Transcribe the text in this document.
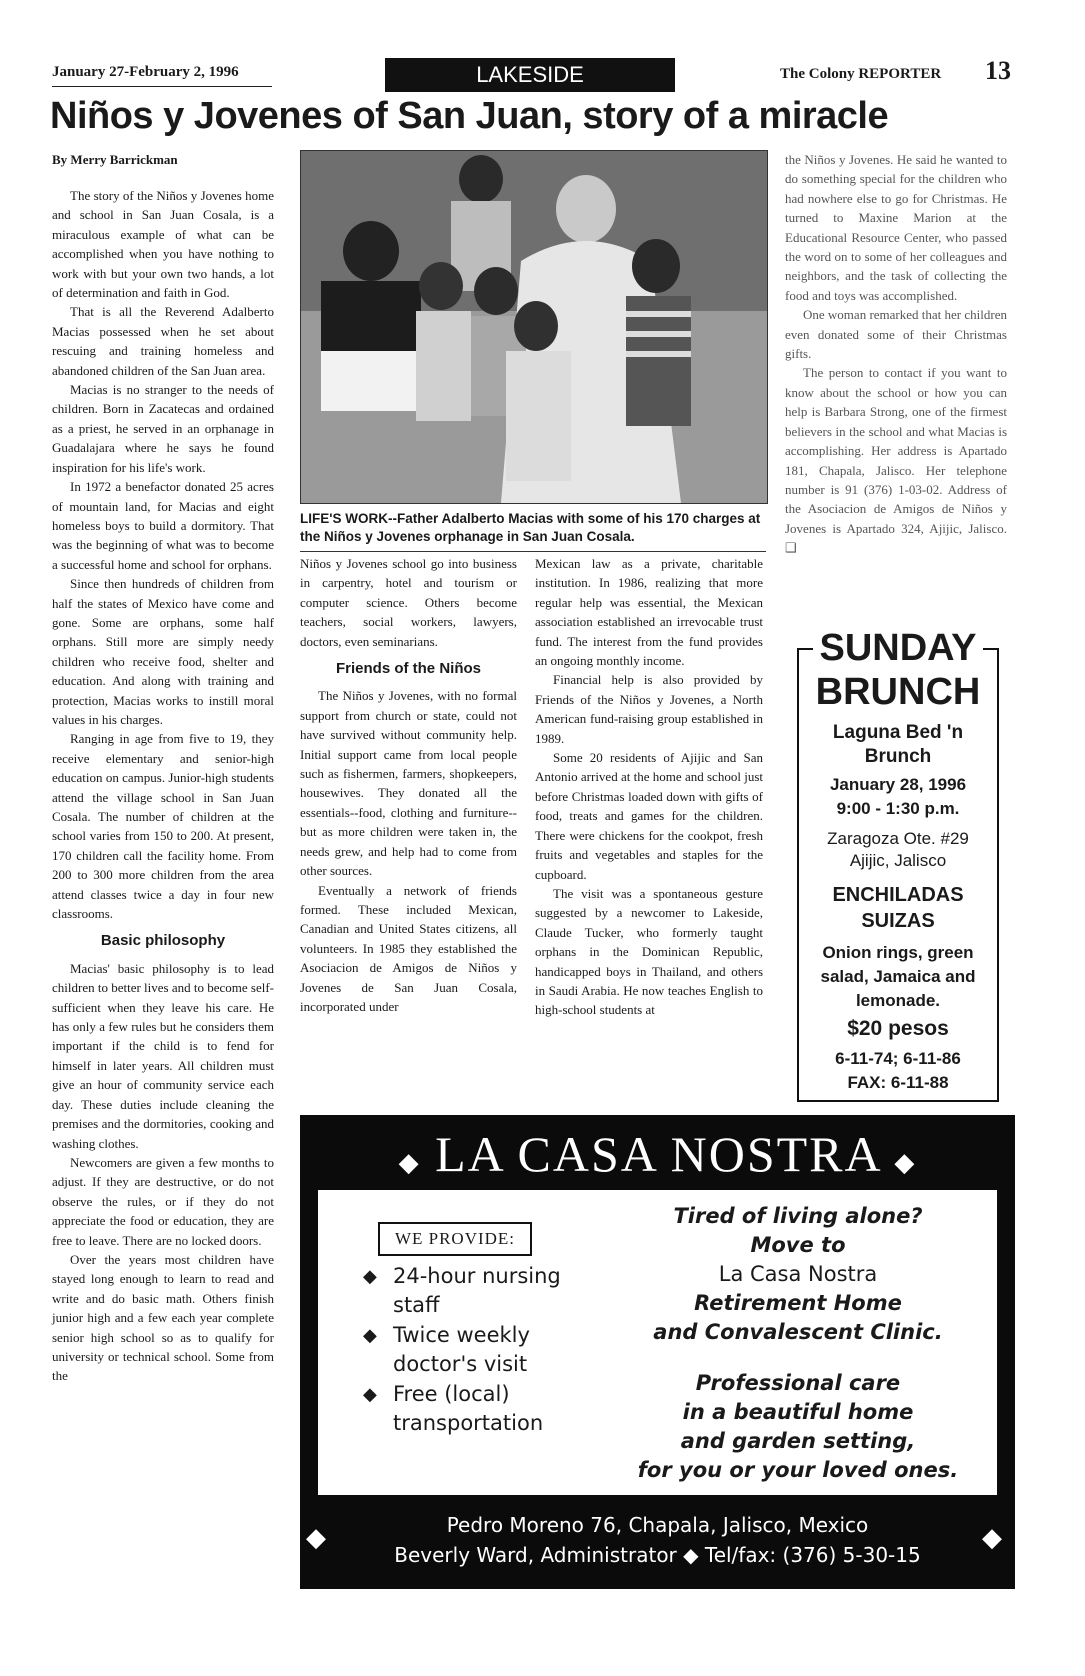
January 27-February 2, 1996	LAKESIDE	The Colony REPORTER 13
Niños y Jovenes of San Juan, story of a miracle
By Merry Barrickman

The story of the Niños y Jovenes home and school in San Juan Cosala, is a miraculous example of what can be accomplished when you have nothing to work with but your own two hands, a lot of determination and faith in God.

That is all the Reverend Adalberto Macias possessed when he set about rescuing and training homeless and abandoned children of the San Juan area.

Macias is no stranger to the needs of children. Born in Zacatecas and ordained as a priest, he served in an orphanage in Guadalajara where he says he found inspiration for his life's work.

In 1972 a benefactor donated 25 acres of mountain land, for Macias and eight homeless boys to build a dormitory. That was the beginning of what was to become a successful home and school for orphans.

Since then hundreds of children from half the states of Mexico have come and gone. Some are orphans, some half orphans. Still more are simply needy children who receive food, shelter and education. And along with training and protection, Macias works to instill moral values in his charges.

Ranging in age from five to 19, they receive elementary and senior-high education on campus. Junior-high students attend the village school in San Juan Cosala. The number of children at the school varies from 150 to 200. At present, 170 children call the facility home. From 200 to 300 more children from the area attend classes twice a day in four new classrooms.

Basic philosophy

Macias' basic philosophy is to lead children to better lives and to become self-sufficient when they leave his care. He has only a few rules but he considers them important if the child is to fend for himself in later years. All children must give an hour of community service each day. These duties include cleaning the premises and the dormitories, cooking and washing clothes.

Newcomers are given a few months to adjust. If they are destructive, or do not observe the rules, or if they do not appreciate the food or education, they are free to leave. There are no locked doors.

Over the years most children have stayed long enough to learn to read and write and do basic math. Others finish junior high and a few each year complete senior high school so as to qualify for university or technical school. Some from the

LIFE'S WORK--Father Adalberto Macias with some of his 170 charges at the Niños y Jovenes orphanage in San Juan Cosala.

Niños y Jovenes school go into business in carpentry, hotel and tourism or computer science. Others become teachers, social workers, lawyers, doctors, even seminarians.

Friends of the Niños

The Niños y Jovenes, with no formal support from church or state, could not have survived without community help. Initial support came from local people such as fishermen, farmers, shopkeepers, housewives. They donated all the essentials--food, clothing and furniture--but as more children were taken in, the needs grew, and help had to come from other sources.

Eventually a network of friends formed. These included Mexican, Canadian and United States citizens, all volunteers. In 1985 they established the Asociacion de Amigos de Niños y Jovenes de San Juan Cosala, incorporated under

Mexican law as a private, charitable institution. In 1986, realizing that more regular help was essential, the Mexican association established an irrevocable trust fund. The interest from the fund provides an ongoing monthly income.

Financial help is also provided by Friends of the Niños y Jovenes, a North American fund-raising group established in 1989.

Some 20 residents of Ajijic and San Antonio arrived at the home and school just before Christmas loaded down with gifts of food, treats and games for the children. There were chickens for the cookpot, fresh fruits and vegetables and staples for the cupboard.

The visit was a spontaneous gesture suggested by a newcomer to Lakeside, Claude Tucker, who formerly taught orphans in the Dominican Republic, handicapped boys in Thailand, and others in Saudi Arabia. He now teaches English to high-school students at

the Niños y Jovenes. He said he wanted to do something special for the children who had nowhere else to go for Christmas. He turned to Maxine Marion at the Educational Resource Center, who passed the word on to some of her colleagues and neighbors, and the task of collecting the food and toys was accomplished.

One woman remarked that her children even donated some of their Christmas gifts.

The person to contact if you want to know about the school or how you can help is Barbara Strong, one of the firmest believers in the school and what Macias is accomplishing. Her address is Apartado 181, Chapala, Jalisco. Her telephone number is 91 (376) 1-03-02. Address of the Asociacion de Amigos de Niños y Jovenes is Apartado 324, Ajijic, Jalisco. ❑

SUNDAY
BRUNCH
Laguna Bed 'n
Brunch
January 28, 1996
9:00 - 1:30 p.m.
Zaragoza Ote. #29
Ajijic, Jalisco
ENCHILADAS
SUIZAS
Onion rings, green
salad, Jamaica and
lemonade.
$20 pesos
6-11-74; 6-11-86
FAX: 6-11-88
◆ LA CASA NOSTRA ◆
WE PROVIDE:
◆ 24-hour nursing staff
◆ Twice weekly doctor's visit
◆ Free (local) transportation
Tired of living alone?
Move to
La Casa Nostra
Retirement Home
and Convalescent Clinic.
Professional care
in a beautiful home
and garden setting,
for you or your loved ones.
Pedro Moreno 76, Chapala, Jalisco, Mexico
Beverly Ward, Administrator ◆ Tel/fax: (376) 5-30-15
◆	◆
